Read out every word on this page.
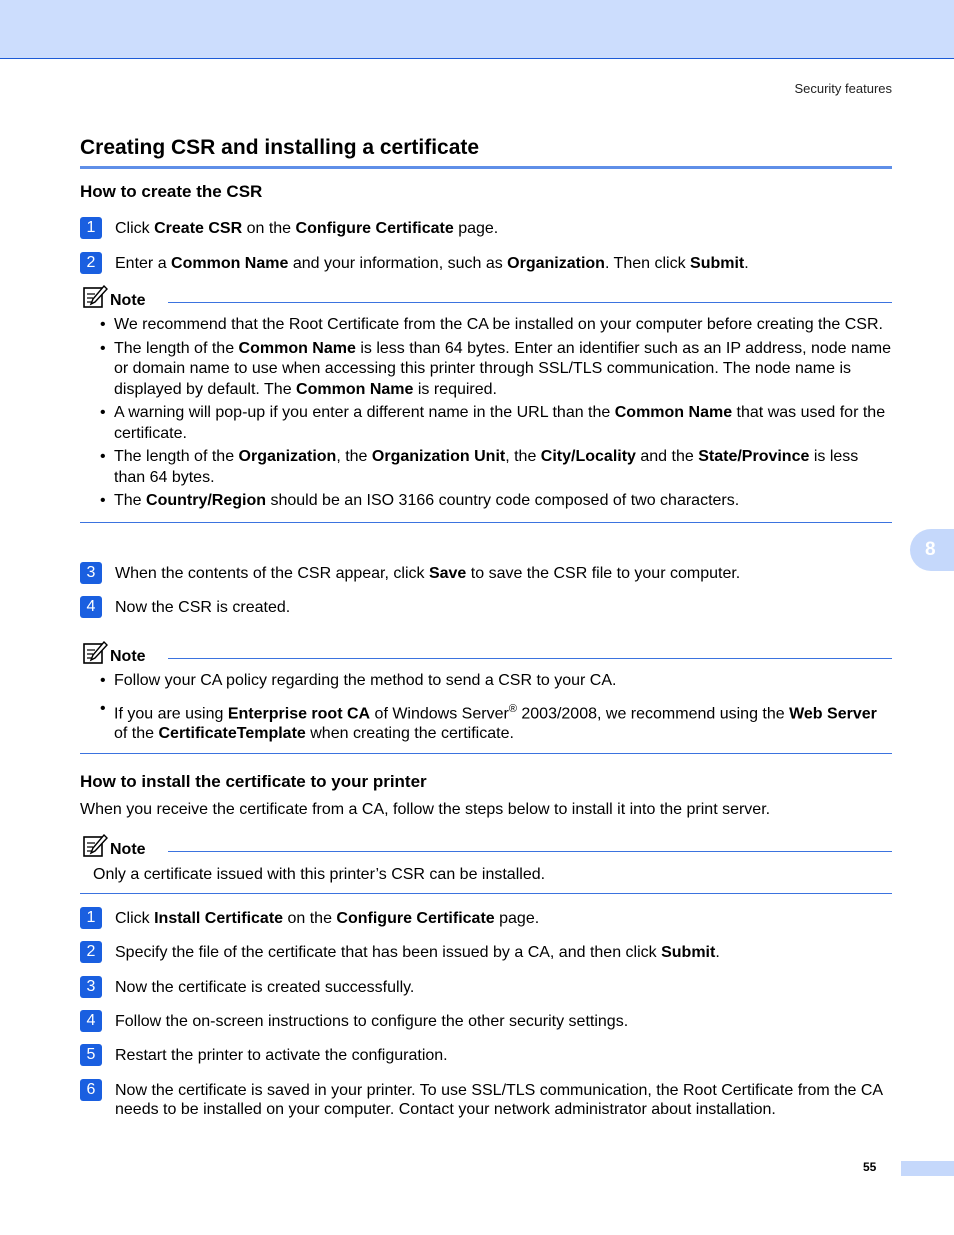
Security features
8
Creating CSR and installing a certificate
How to create the CSR
1	Click Create CSR on the Configure Certificate page.
2	Enter a Common Name and your information, such as Organization. Then click Submit.
Note
• We recommend that the Root Certificate from the CA be installed on your computer before creating the CSR.
• The length of the Common Name is less than 64 bytes. Enter an identifier such as an IP address, node name or domain name to use when accessing this printer through SSL/TLS communication. The node name is displayed by default. The Common Name is required.
• A warning will pop-up if you enter a different name in the URL than the Common Name that was used for the certificate.
• The length of the Organization, the Organization Unit, the City/Locality and the State/Province is less than 64 bytes.
• The Country/Region should be an ISO 3166 country code composed of two characters.
3	When the contents of the CSR appear, click Save to save the CSR file to your computer.
4	Now the CSR is created.
Note
• Follow your CA policy regarding the method to send a CSR to your CA.
• If you are using Enterprise root CA of Windows Server® 2003/2008, we recommend using the Web Server of the CertificateTemplate when creating the certificate.
How to install the certificate to your printer
When you receive the certificate from a CA, follow the steps below to install it into the print server.
Note
Only a certificate issued with this printer’s CSR can be installed.
1	Click Install Certificate on the Configure Certificate page.
2	Specify the file of the certificate that has been issued by a CA, and then click Submit.
3	Now the certificate is created successfully.
4	Follow the on-screen instructions to configure the other security settings.
5	Restart the printer to activate the configuration.
6	Now the certificate is saved in your printer. To use SSL/TLS communication, the Root Certificate from the CA needs to be installed on your computer. Contact your network administrator about installation.
55
